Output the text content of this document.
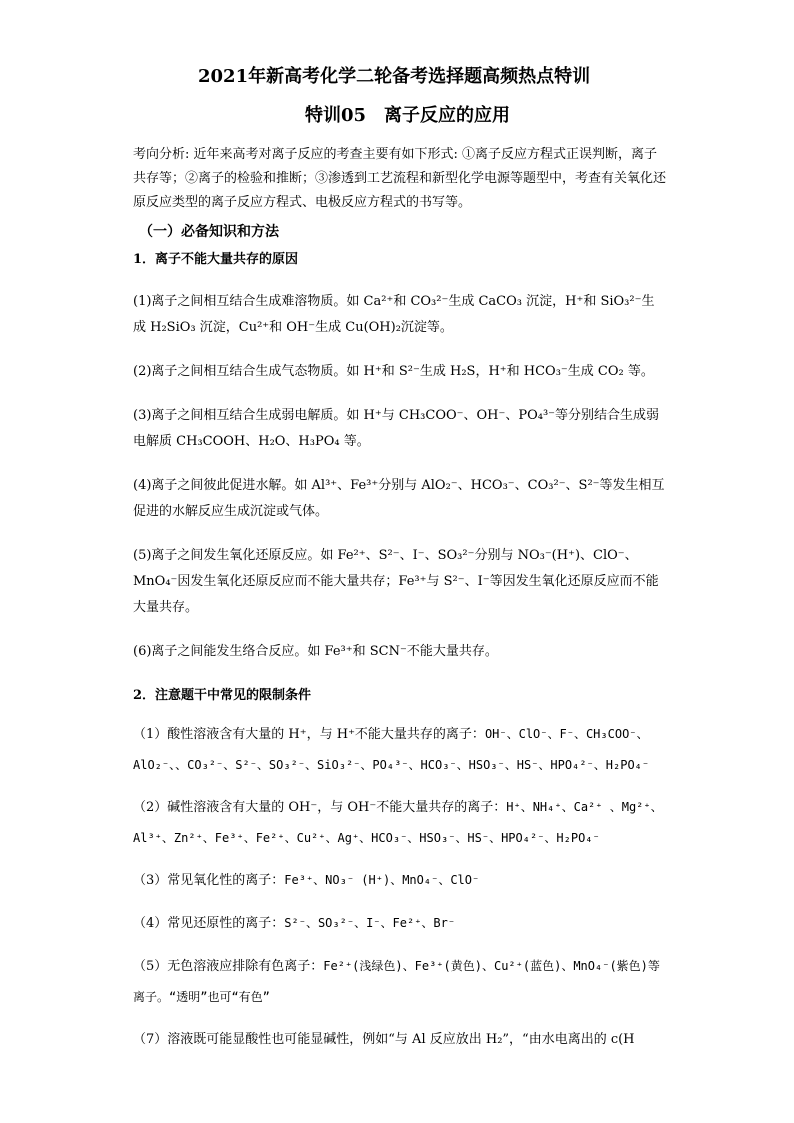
2021年新高考化学二轮备考选择题高频热点特训
特训05　离子反应的应用

考向分析: 近年来高考对离子反应的考查主要有如下形式: ①离子反应方程式正误判断，离子共存等；②离子的检验和推断；③渗透到工艺流程和新型化学电源等题型中，考查有关氧化还原反应类型的离子反应方程式、电极反应方程式的书写等。

（一）必备知识和方法
1．离子不能大量共存的原因

(1)离子之间相互结合生成难溶物质。如 Ca²⁺和 CO₃²⁻生成 CaCO₃ 沉淀，H⁺和 SiO₃²⁻生成 H₂SiO₃ 沉淀，Cu²⁺和 OH⁻生成 Cu(OH)₂沉淀等。

(2)离子之间相互结合生成气态物质。如 H⁺和 S²⁻生成 H₂S，H⁺和 HCO₃⁻生成 CO₂ 等。

(3)离子之间相互结合生成弱电解质。如 H⁺与 CH₃COO⁻、OH⁻、PO₄³⁻等分别结合生成弱电解质 CH₃COOH、H₂O、H₃PO₄ 等。

(4)离子之间彼此促进水解。如 Al³⁺、Fe³⁺分别与 AlO₂⁻、HCO₃⁻、CO₃²⁻、S²⁻等发生相互促进的水解反应生成沉淀或气体。

(5)离子之间发生氧化还原反应。如 Fe²⁺、S²⁻、I⁻、SO₃²⁻分别与 NO₃⁻(H⁺)、ClO⁻、MnO₄⁻因发生氧化还原反应而不能大量共存；Fe³⁺与 S²⁻、I⁻等因发生氧化还原反应而不能大量共存。

(6)离子之间能发生络合反应。如 Fe³⁺和 SCN⁻不能大量共存。

2．注意题干中常见的限制条件

（1）酸性溶液含有大量的 H⁺，与 H⁺不能大量共存的离子：OH⁻、ClO⁻、F⁻、CH₃COO⁻、AlO₂⁻、、CO₃²⁻、S²⁻、SO₃²⁻、SiO₃²⁻、PO₄³⁻、HCO₃⁻、HSO₃⁻、HS⁻、HPO₄²⁻、H₂PO₄⁻

（2）碱性溶液含有大量的 OH⁻，与 OH⁻不能大量共存的离子：H⁺、NH₄⁺、Ca²⁺ 、Mg²⁺、Al³⁺、Zn²⁺、Fe³⁺、Fe²⁺、Cu²⁺、Ag⁺、HCO₃⁻、HSO₃⁻、HS⁻、HPO₄²⁻、H₂PO₄⁻

（3）常见氧化性的离子：Fe³⁺、NO₃⁻ (H⁺)、MnO₄⁻、ClO⁻

（4）常见还原性的离子：S²⁻、SO₃²⁻、I⁻、Fe²⁺、Br⁻

（5）无色溶液应排除有色离子：Fe²⁺(浅绿色)、Fe³⁺(黄色)、Cu²⁺(蓝色)、MnO₄⁻(紫色)等离子。“透明”也可“有色”

（7）溶液既可能显酸性也可能显碱性，例如“与 Al 反应放出 H₂”，“由水电离出的 c(H
